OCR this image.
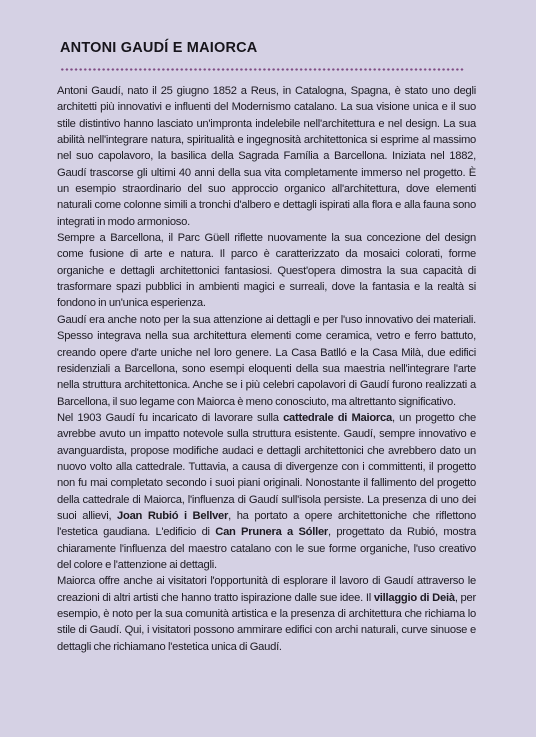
ANTONI GAUDÍ E MAIORCA

Antoni Gaudí, nato il 25 giugno 1852 a Reus, in Catalogna, Spagna, è stato uno degli architetti più innovativi e influenti del Modernismo catalano. La sua visione unica e il suo stile distintivo hanno lasciato un'impronta indelebile nell'architettura e nel design. La sua abilità nell'integrare natura, spiritualità e ingegnosità architettonica si esprime al massimo nel suo capolavoro, la basilica della Sagrada Família a Barcellona. Iniziata nel 1882, Gaudí trascorse gli ultimi 40 anni della sua vita completamente immerso nel progetto. È un esempio straordinario del suo approccio organico all'architettura, dove elementi naturali come colonne simili a tronchi d'albero e dettagli ispirati alla flora e alla fauna sono integrati in modo armonioso.

Sempre a Barcellona, il Parc Güell riflette nuovamente la sua concezione del design come fusione di arte e natura. Il parco è caratterizzato da mosaici colorati, forme organiche e dettagli architettonici fantasiosi. Quest'opera dimostra la sua capacità di trasformare spazi pubblici in ambienti magici e surreali, dove la fantasia e la realtà si fondono in un'unica esperienza.

Gaudí era anche noto per la sua attenzione ai dettagli e per l'uso innovativo dei materiali. Spesso integrava nella sua architettura elementi come ceramica, vetro e ferro battuto, creando opere d'arte uniche nel loro genere. La Casa Batlló e la Casa Milà, due edifici residenziali a Barcellona, sono esempi eloquenti della sua maestria nell'integrare l'arte nella struttura architettonica. Anche se i più celebri capolavori di Gaudí furono realizzati a Barcellona, il suo legame con Maiorca è meno conosciuto, ma altrettanto significativo.

Nel 1903 Gaudí fu incaricato di lavorare sulla cattedrale di Maiorca, un progetto che avrebbe avuto un impatto notevole sulla struttura esistente. Gaudí, sempre innovativo e avanguardista, propose modifiche audaci e dettagli architettonici che avrebbero dato un nuovo volto alla cattedrale. Tuttavia, a causa di divergenze con i committenti, il progetto non fu mai completato secondo i suoi piani originali. Nonostante il fallimento del progetto della cattedrale di Maiorca, l'influenza di Gaudí sull'isola persiste. La presenza di uno dei suoi allievi, Joan Rubió i Bellver, ha portato a opere architettoniche che riflettono l'estetica gaudiana. L'edificio di Can Prunera a Sóller, progettato da Rubió, mostra chiaramente l'influenza del maestro catalano con le sue forme organiche, l'uso creativo del colore e l'attenzione ai dettagli.

Maiorca offre anche ai visitatori l'opportunità di esplorare il lavoro di Gaudí attraverso le creazioni di altri artisti che hanno tratto ispirazione dalle sue idee. Il villaggio di Deià, per esempio, è noto per la sua comunità artistica e la presenza di architettura che richiama lo stile di Gaudí. Qui, i visitatori possono ammirare edifici con archi naturali, curve sinuose e dettagli che richiamano l'estetica unica di Gaudí.
